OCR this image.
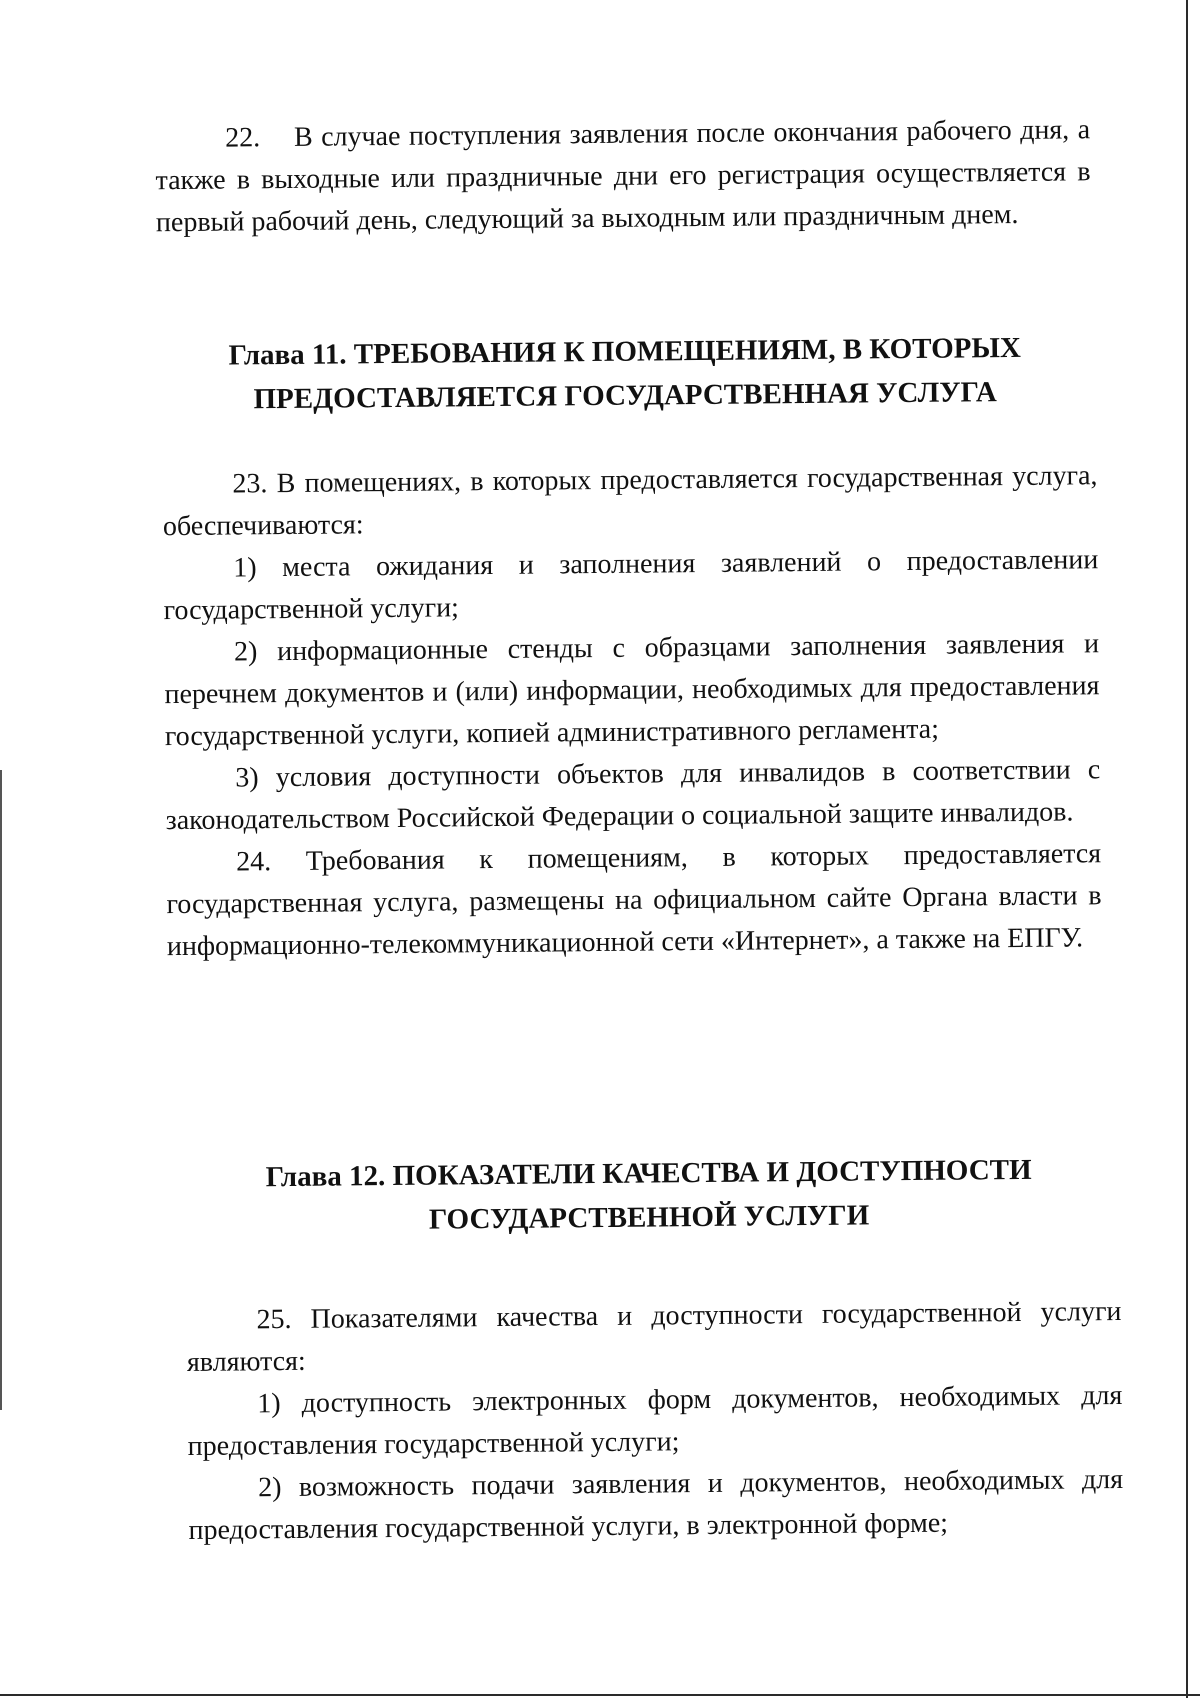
22.    В случае поступления заявления после окончания рабочего дня, а также в выходные или праздничные дни его регистрация осуществляется в первый рабочий день, следующий за выходным или праздничным днем.

Глава 11. ТРЕБОВАНИЯ К ПОМЕЩЕНИЯМ, В КОТОРЫХ
ПРЕДОСТАВЛЯЕТСЯ ГОСУДАРСТВЕННАЯ УСЛУГА

23. В помещениях, в которых предоставляется государственная услуга, обеспечиваются:

1) места ожидания и заполнения заявлений о предоставлении государственной услуги;

2) информационные стенды с образцами заполнения заявления и перечнем документов и (или) информации, необходимых для предоставления государственной услуги, копией административного регламента;

3) условия доступности объектов для инвалидов в соответствии с законодательством Российской Федерации о социальной защите инвалидов.

24. Требования к помещениям, в которых предоставляется государственная услуга, размещены на официальном сайте Органа власти в информационно-телекоммуникационной сети «Интернет», а также на ЕПГУ.

Глава 12. ПОКАЗАТЕЛИ КАЧЕСТВА И ДОСТУПНОСТИ
ГОСУДАРСТВЕННОЙ УСЛУГИ

25. Показателями качества и доступности государственной услуги являются:

1) доступность электронных форм документов, необходимых для предоставления государственной услуги;

2) возможность подачи заявления и документов, необходимых для предоставления государственной услуги, в электронной форме;
